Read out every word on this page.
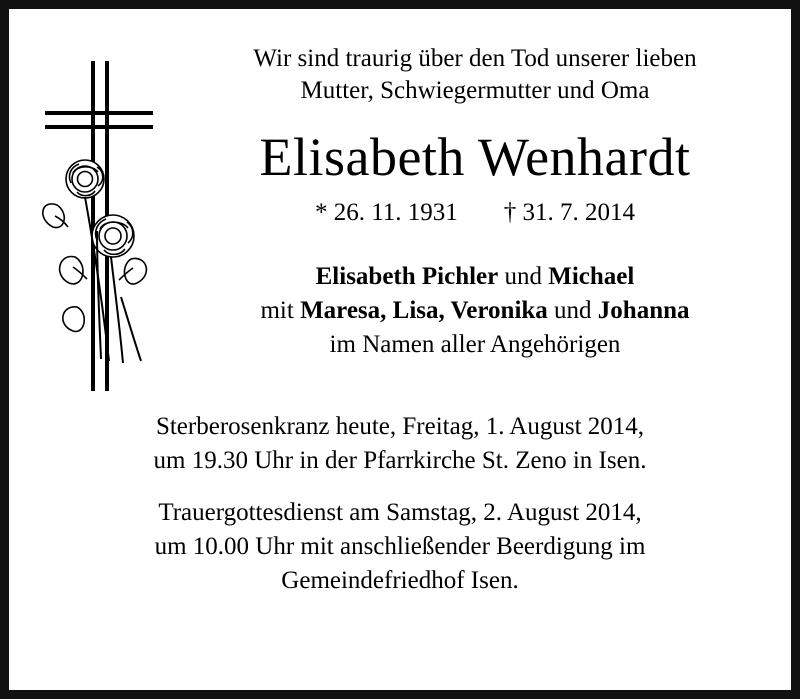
Wir sind traurig über den Tod unserer lieben
Mutter, Schwiegermutter und Oma
Elisabeth Wenhardt
* 26. 11. 1931 † 31. 7. 2014
Elisabeth Pichler und Michael
mit Maresa, Lisa, Veronika und Johanna
im Namen aller Angehörigen
Sterberosenkranz heute, Freitag, 1. August 2014,
um 19.30 Uhr in der Pfarrkirche St. Zeno in Isen.
Trauergottesdienst am Samstag, 2. August 2014,
um 10.00 Uhr mit anschließender Beerdigung im
Gemeindefriedhof Isen.
